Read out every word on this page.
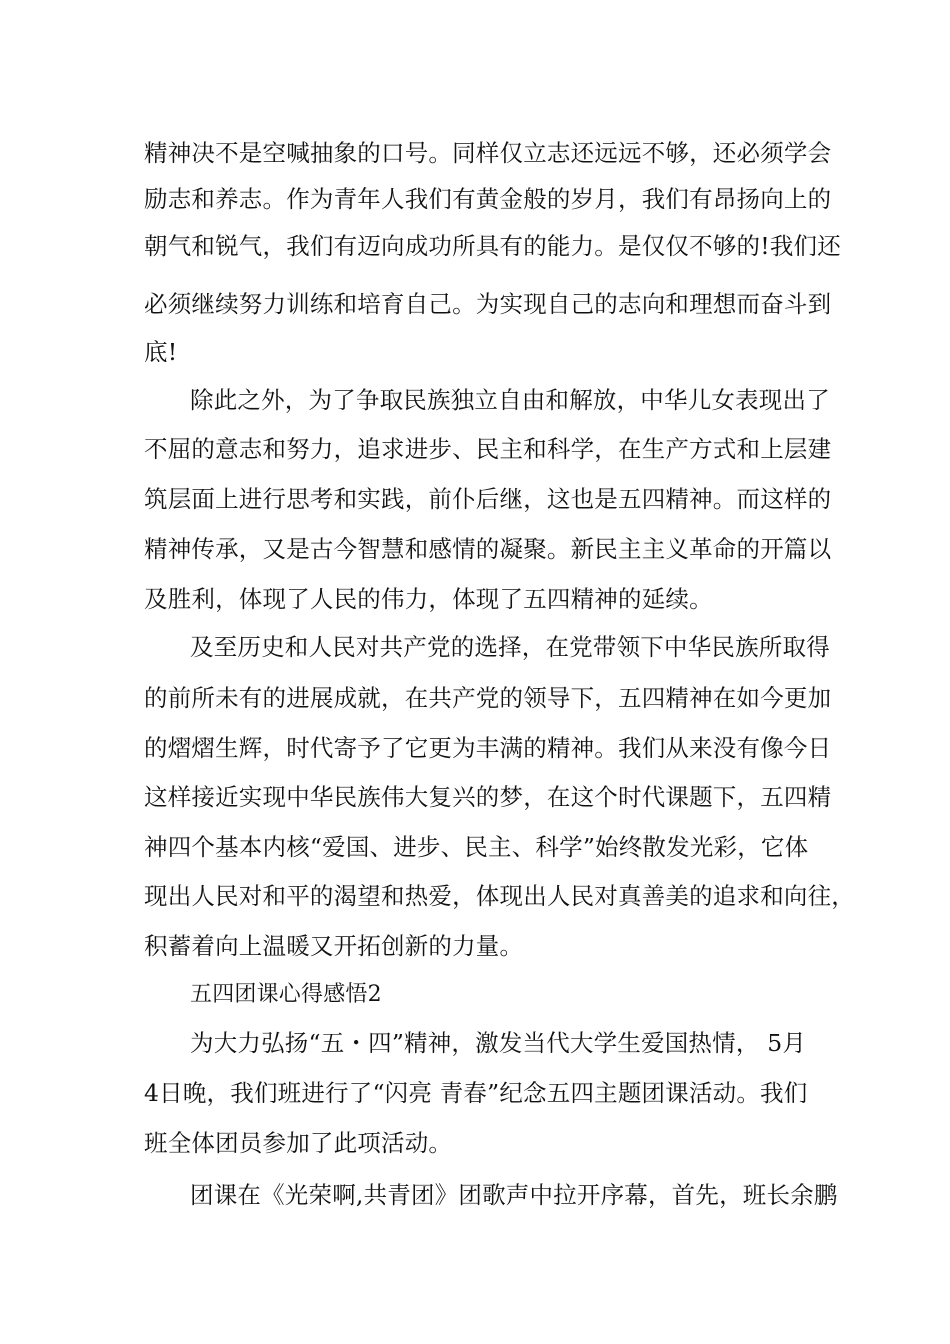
精神决不是空喊抽象的口号。同样仅立志还远远不够，还必须学会
励志和养志。作为青年人我们有黄金般的岁月，我们有昂扬向上的
朝气和锐气，我们有迈向成功所具有的能力。是仅仅不够的!我们还
必须继续努力训练和培育自己。为实现自己的志向和理想而奋斗到
底!
除此之外，为了争取民族独立自由和解放，中华儿女表现出了
不屈的意志和努力，追求进步、民主和科学，在生产方式和上层建
筑层面上进行思考和实践，前仆后继，这也是五四精神。而这样的
精神传承，又是古今智慧和感情的凝聚。新民主主义革命的开篇以
及胜利，体现了人民的伟力，体现了五四精神的延续。
及至历史和人民对共产党的选择，在党带领下中华民族所取得
的前所未有的进展成就，在共产党的领导下，五四精神在如今更加
的熠熠生辉，时代寄予了它更为丰满的精神。我们从来没有像今日
这样接近实现中华民族伟大复兴的梦，在这个时代课题下，五四精
神四个基本内核“爱国、进步、民主、科学”始终散发光彩，它体
现出人民对和平的渴望和热爱，体现出人民对真善美的追求和向往，
积蓄着向上温暖又开拓创新的力量。
五四团课心得感悟2
为大力弘扬“五・四”精神，激发当代大学生爱国热情， 5月
4日晚，我们班进行了“闪亮 青春”纪念五四主题团课活动。我们
班全体团员参加了此项活动。
团课在《光荣啊,共青团》团歌声中拉开序幕，首先，班长余鹏
